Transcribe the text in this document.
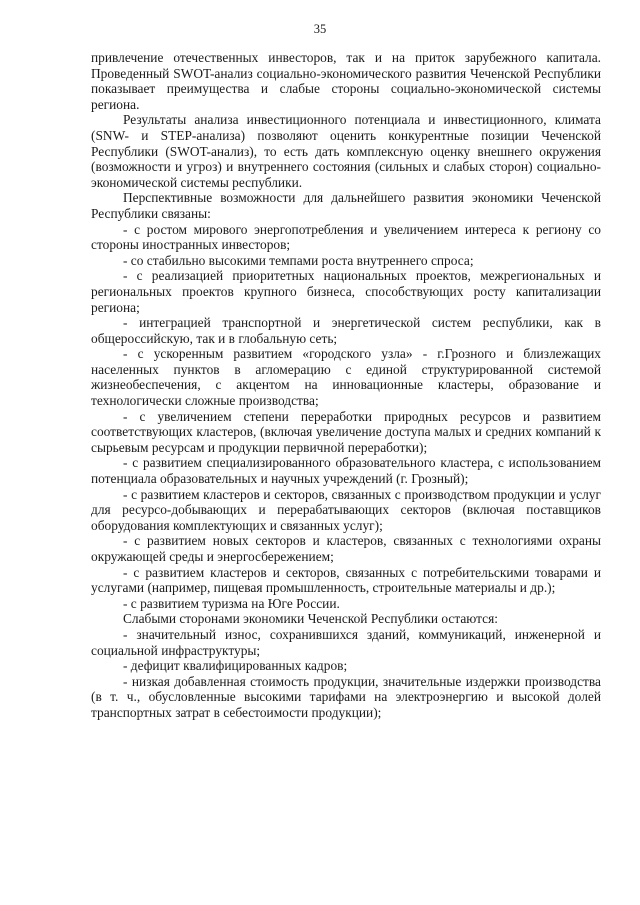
35

привлечение отечественных инвесторов, так и на приток зарубежного капитала. Проведенный SWOT-анализ социально-экономического развития Чеченской Республики показывает преимущества и слабые стороны социально-экономической системы региона.

Результаты анализа инвестиционного потенциала и инвестиционного, климата (SNW- и STEP-анализа) позволяют оценить конкурентные позиции Чеченской Республики (SWOT-анализ), то есть дать комплексную оценку внешнего окружения (возможности и угроз) и внутреннего состояния (сильных и слабых сторон) социально-экономической системы республики.

Перспективные возможности для дальнейшего развития экономики Чеченской Республики связаны:

- с ростом мирового энергопотребления и увеличением интереса к региону со стороны иностранных инвесторов;

- со стабильно высокими темпами роста внутреннего спроса;

- с реализацией приоритетных национальных проектов, межрегиональных и региональных проектов крупного бизнеса, способствующих росту капитализации региона;

- интеграцией транспортной и энергетической систем республики, как в общероссийскую, так и в глобальную сеть;

- с ускоренным развитием «городского узла» - г.Грозного и близлежащих населенных пунктов в агломерацию с единой структурированной системой жизнеобеспечения, с акцентом на инновационные кластеры, образование и технологически сложные производства;

- с увеличением степени переработки природных ресурсов и развитием соответствующих кластеров, (включая увеличение доступа малых и средних компаний к сырьевым ресурсам и продукции первичной переработки);

- с развитием специализированного образовательного кластера, с использованием потенциала образовательных и научных учреждений (г. Грозный);

- с развитием кластеров и секторов, связанных с производством продукции и услуг для ресурсо-добывающих и перерабатывающих секторов (включая поставщиков оборудования комплектующих и связанных услуг);

- с развитием новых секторов и кластеров, связанных с технологиями охраны окружающей среды и энергосбережением;

- с развитием кластеров и секторов, связанных с потребительскими товарами и услугами (например, пищевая промышленность, строительные материалы и др.);

- с развитием туризма на Юге России.

Слабыми сторонами экономики Чеченской Республики остаются:

- значительный износ, сохранившихся зданий, коммуникаций, инженерной и социальной инфраструктуры;

- дефицит квалифицированных кадров;

- низкая добавленная стоимость продукции, значительные издержки производства (в т. ч., обусловленные высокими тарифами на электроэнергию и высокой долей транспортных затрат в себестоимости продукции);
